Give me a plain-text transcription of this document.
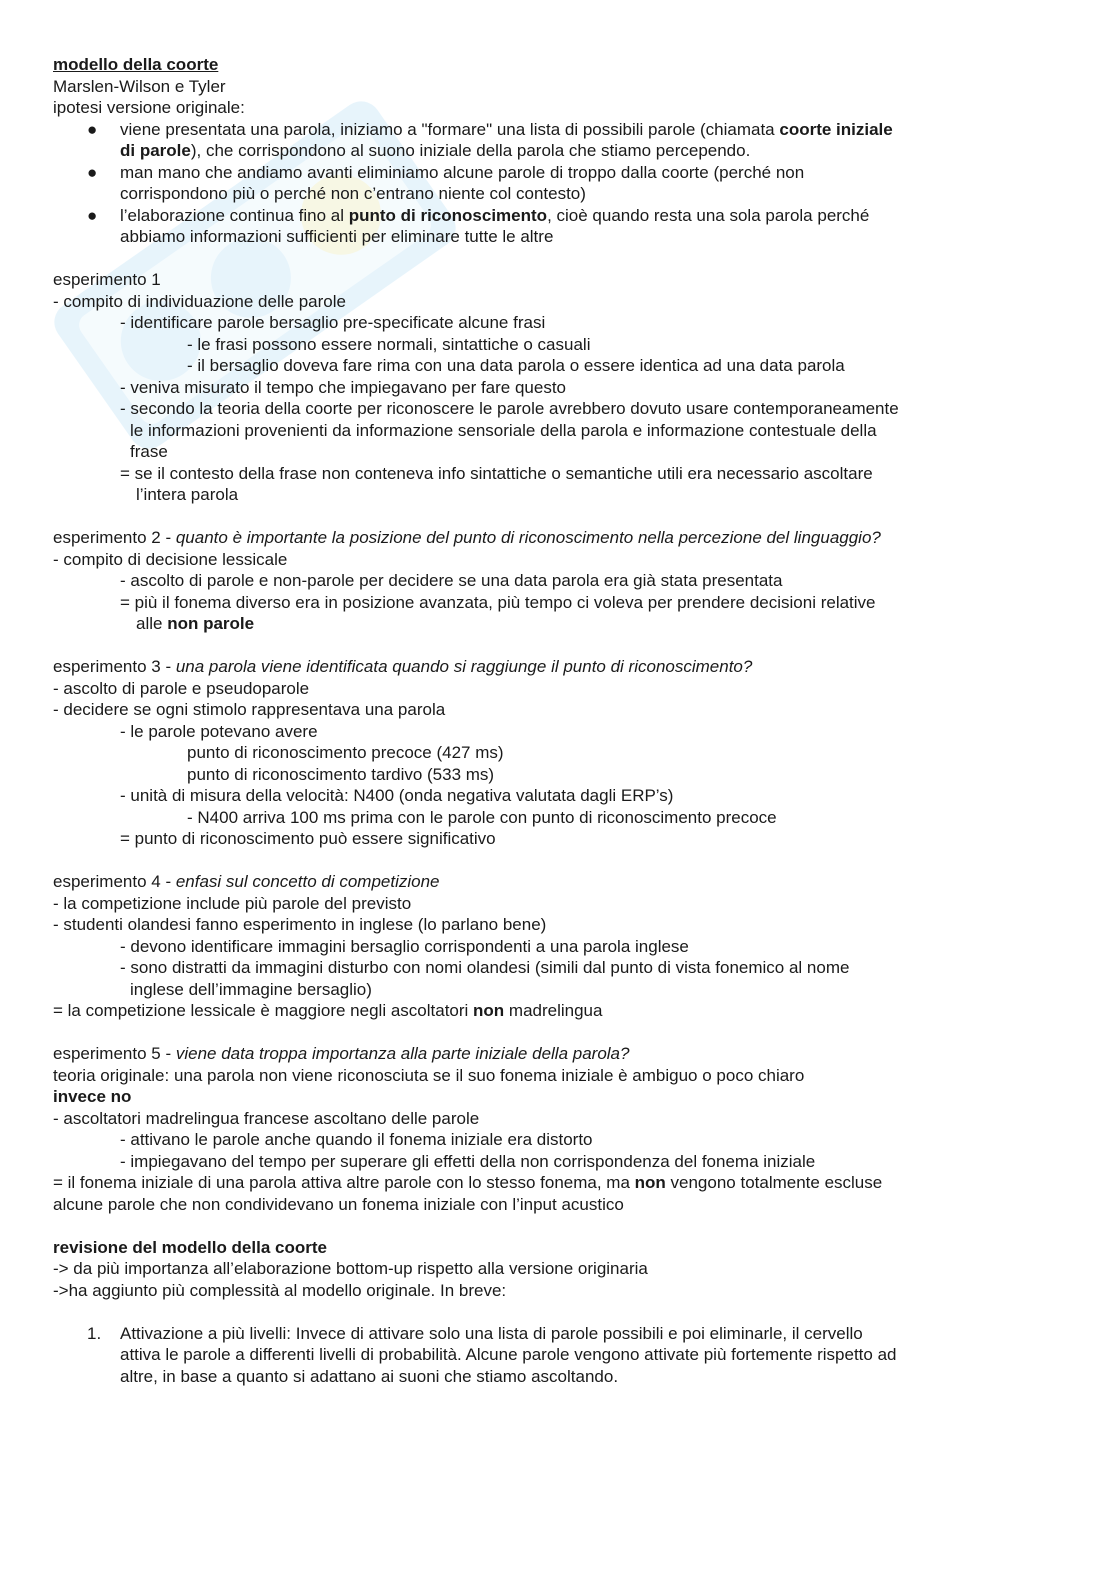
modello della coorte
Marslen-Wilson e Tyler
ipotesi versione originale:
● viene presentata una parola, iniziamo a "formare" una lista di possibili parole (chiamata coorte iniziale
di parole), che corrispondono al suono iniziale della parola che stiamo percependo.
● man mano che andiamo avanti eliminiamo alcune parole di troppo dalla coorte (perché non
corrispondono più o perché non c’entrano niente col contesto)
● l’elaborazione continua fino al punto di riconoscimento, cioè quando resta una sola parola perché
abbiamo informazioni sufficienti per eliminare tutte le altre
esperimento 1
- compito di individuazione delle parole
- identificare parole bersaglio pre-specificate alcune frasi
- le frasi possono essere normali, sintattiche o casuali
- il bersaglio doveva fare rima con una data parola o essere identica ad una data parola
- veniva misurato il tempo che impiegavano per fare questo
- secondo la teoria della coorte per riconoscere le parole avrebbero dovuto usare contemporaneamente
le informazioni provenienti da informazione sensoriale della parola e informazione contestuale della
frase
= se il contesto della frase non conteneva info sintattiche o semantiche utili era necessario ascoltare
l’intera parola
esperimento 2 - quanto è importante la posizione del punto di riconoscimento nella percezione del linguaggio?
- compito di decisione lessicale
- ascolto di parole e non-parole per decidere se una data parola era già stata presentata
= più il fonema diverso era in posizione avanzata, più tempo ci voleva per prendere decisioni relative
alle non parole
esperimento 3 - una parola viene identificata quando si raggiunge il punto di riconoscimento?
- ascolto di parole e pseudoparole
- decidere se ogni stimolo rappresentava una parola
- le parole potevano avere
punto di riconoscimento precoce (427 ms)
punto di riconoscimento tardivo (533 ms)
- unità di misura della velocità: N400 (onda negativa valutata dagli ERP’s)
- N400 arriva 100 ms prima con le parole con punto di riconoscimento precoce
= punto di riconoscimento può essere significativo
esperimento 4 - enfasi sul concetto di competizione
- la competizione include più parole del previsto
- studenti olandesi fanno esperimento in inglese (lo parlano bene)
- devono identificare immagini bersaglio corrispondenti a una parola inglese
- sono distratti da immagini disturbo con nomi olandesi (simili dal punto di vista fonemico al nome
inglese dell’immagine bersaglio)
= la competizione lessicale è maggiore negli ascoltatori non madrelingua
esperimento 5 - viene data troppa importanza alla parte iniziale della parola?
teoria originale: una parola non viene riconosciuta se il suo fonema iniziale è ambiguo o poco chiaro
invece no
- ascoltatori madrelingua francese ascoltano delle parole
- attivano le parole anche quando il fonema iniziale era distorto
- impiegavano del tempo per superare gli effetti della non corrispondenza del fonema iniziale
= il fonema iniziale di una parola attiva altre parole con lo stesso fonema, ma non vengono totalmente escluse
alcune parole che non condividevano un fonema iniziale con l’input acustico
revisione del modello della coorte
-> da più importanza all’elaborazione bottom-up rispetto alla versione originaria
->ha aggiunto più complessità al modello originale. In breve:
1. Attivazione a più livelli: Invece di attivare solo una lista di parole possibili e poi eliminarle, il cervello
attiva le parole a differenti livelli di probabilità. Alcune parole vengono attivate più fortemente rispetto ad
altre, in base a quanto si adattano ai suoni che stiamo ascoltando.
